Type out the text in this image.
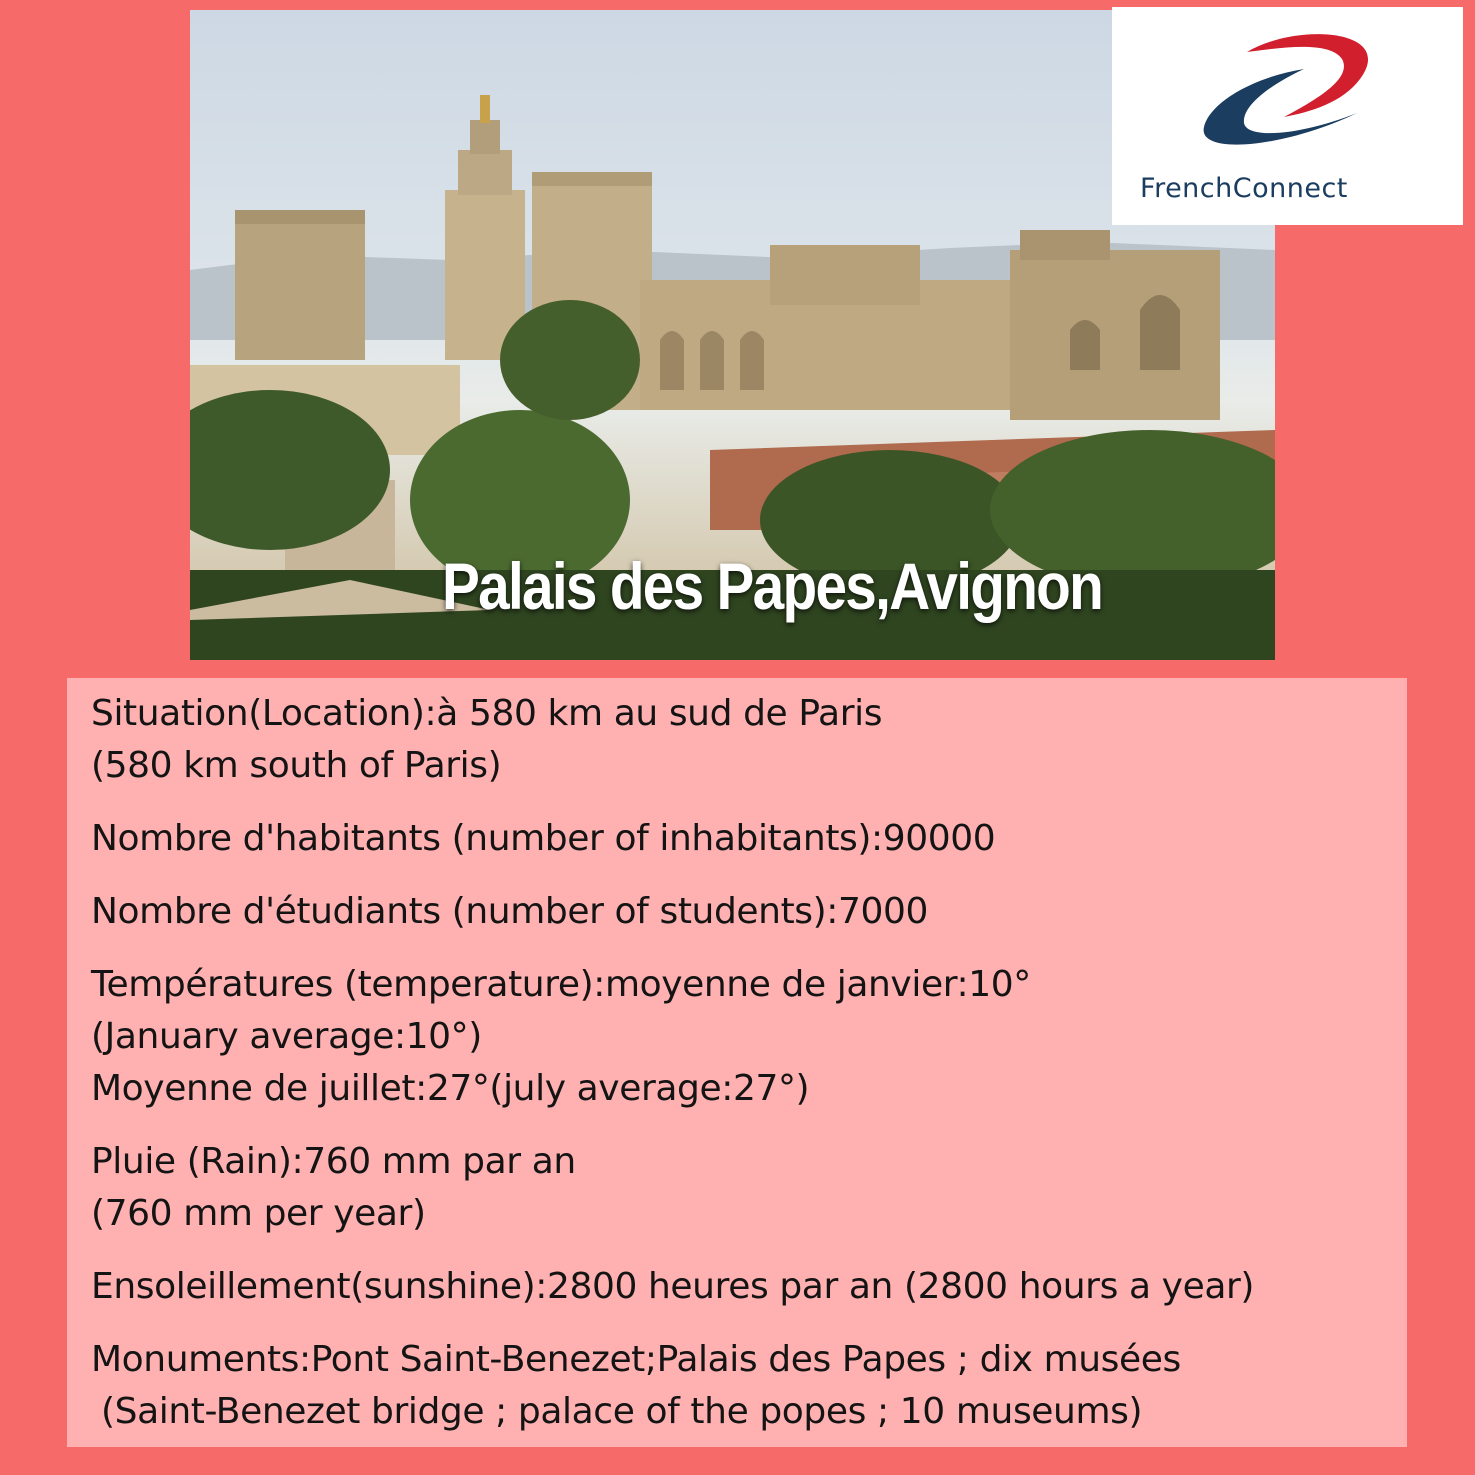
Palais des Papes,Avignon
FrenchConnect
Situation(Location):à 580 km au sud de Paris
(580 km south of Paris)
Nombre d'habitants (number of inhabitants):90000
Nombre d'étudiants (number of students):7000
Températures (temperature):moyenne de janvier:10°
(January average:10°)
Moyenne de juillet:27°(july average:27°)
Pluie (Rain):760 mm par an
(760 mm per year)
Ensoleillement(sunshine):2800 heures par an (2800 hours a year)
Monuments:Pont Saint-Benezet;Palais des Papes ; dix musées
(Saint-Benezet bridge ; palace of the popes ; 10 museums)
